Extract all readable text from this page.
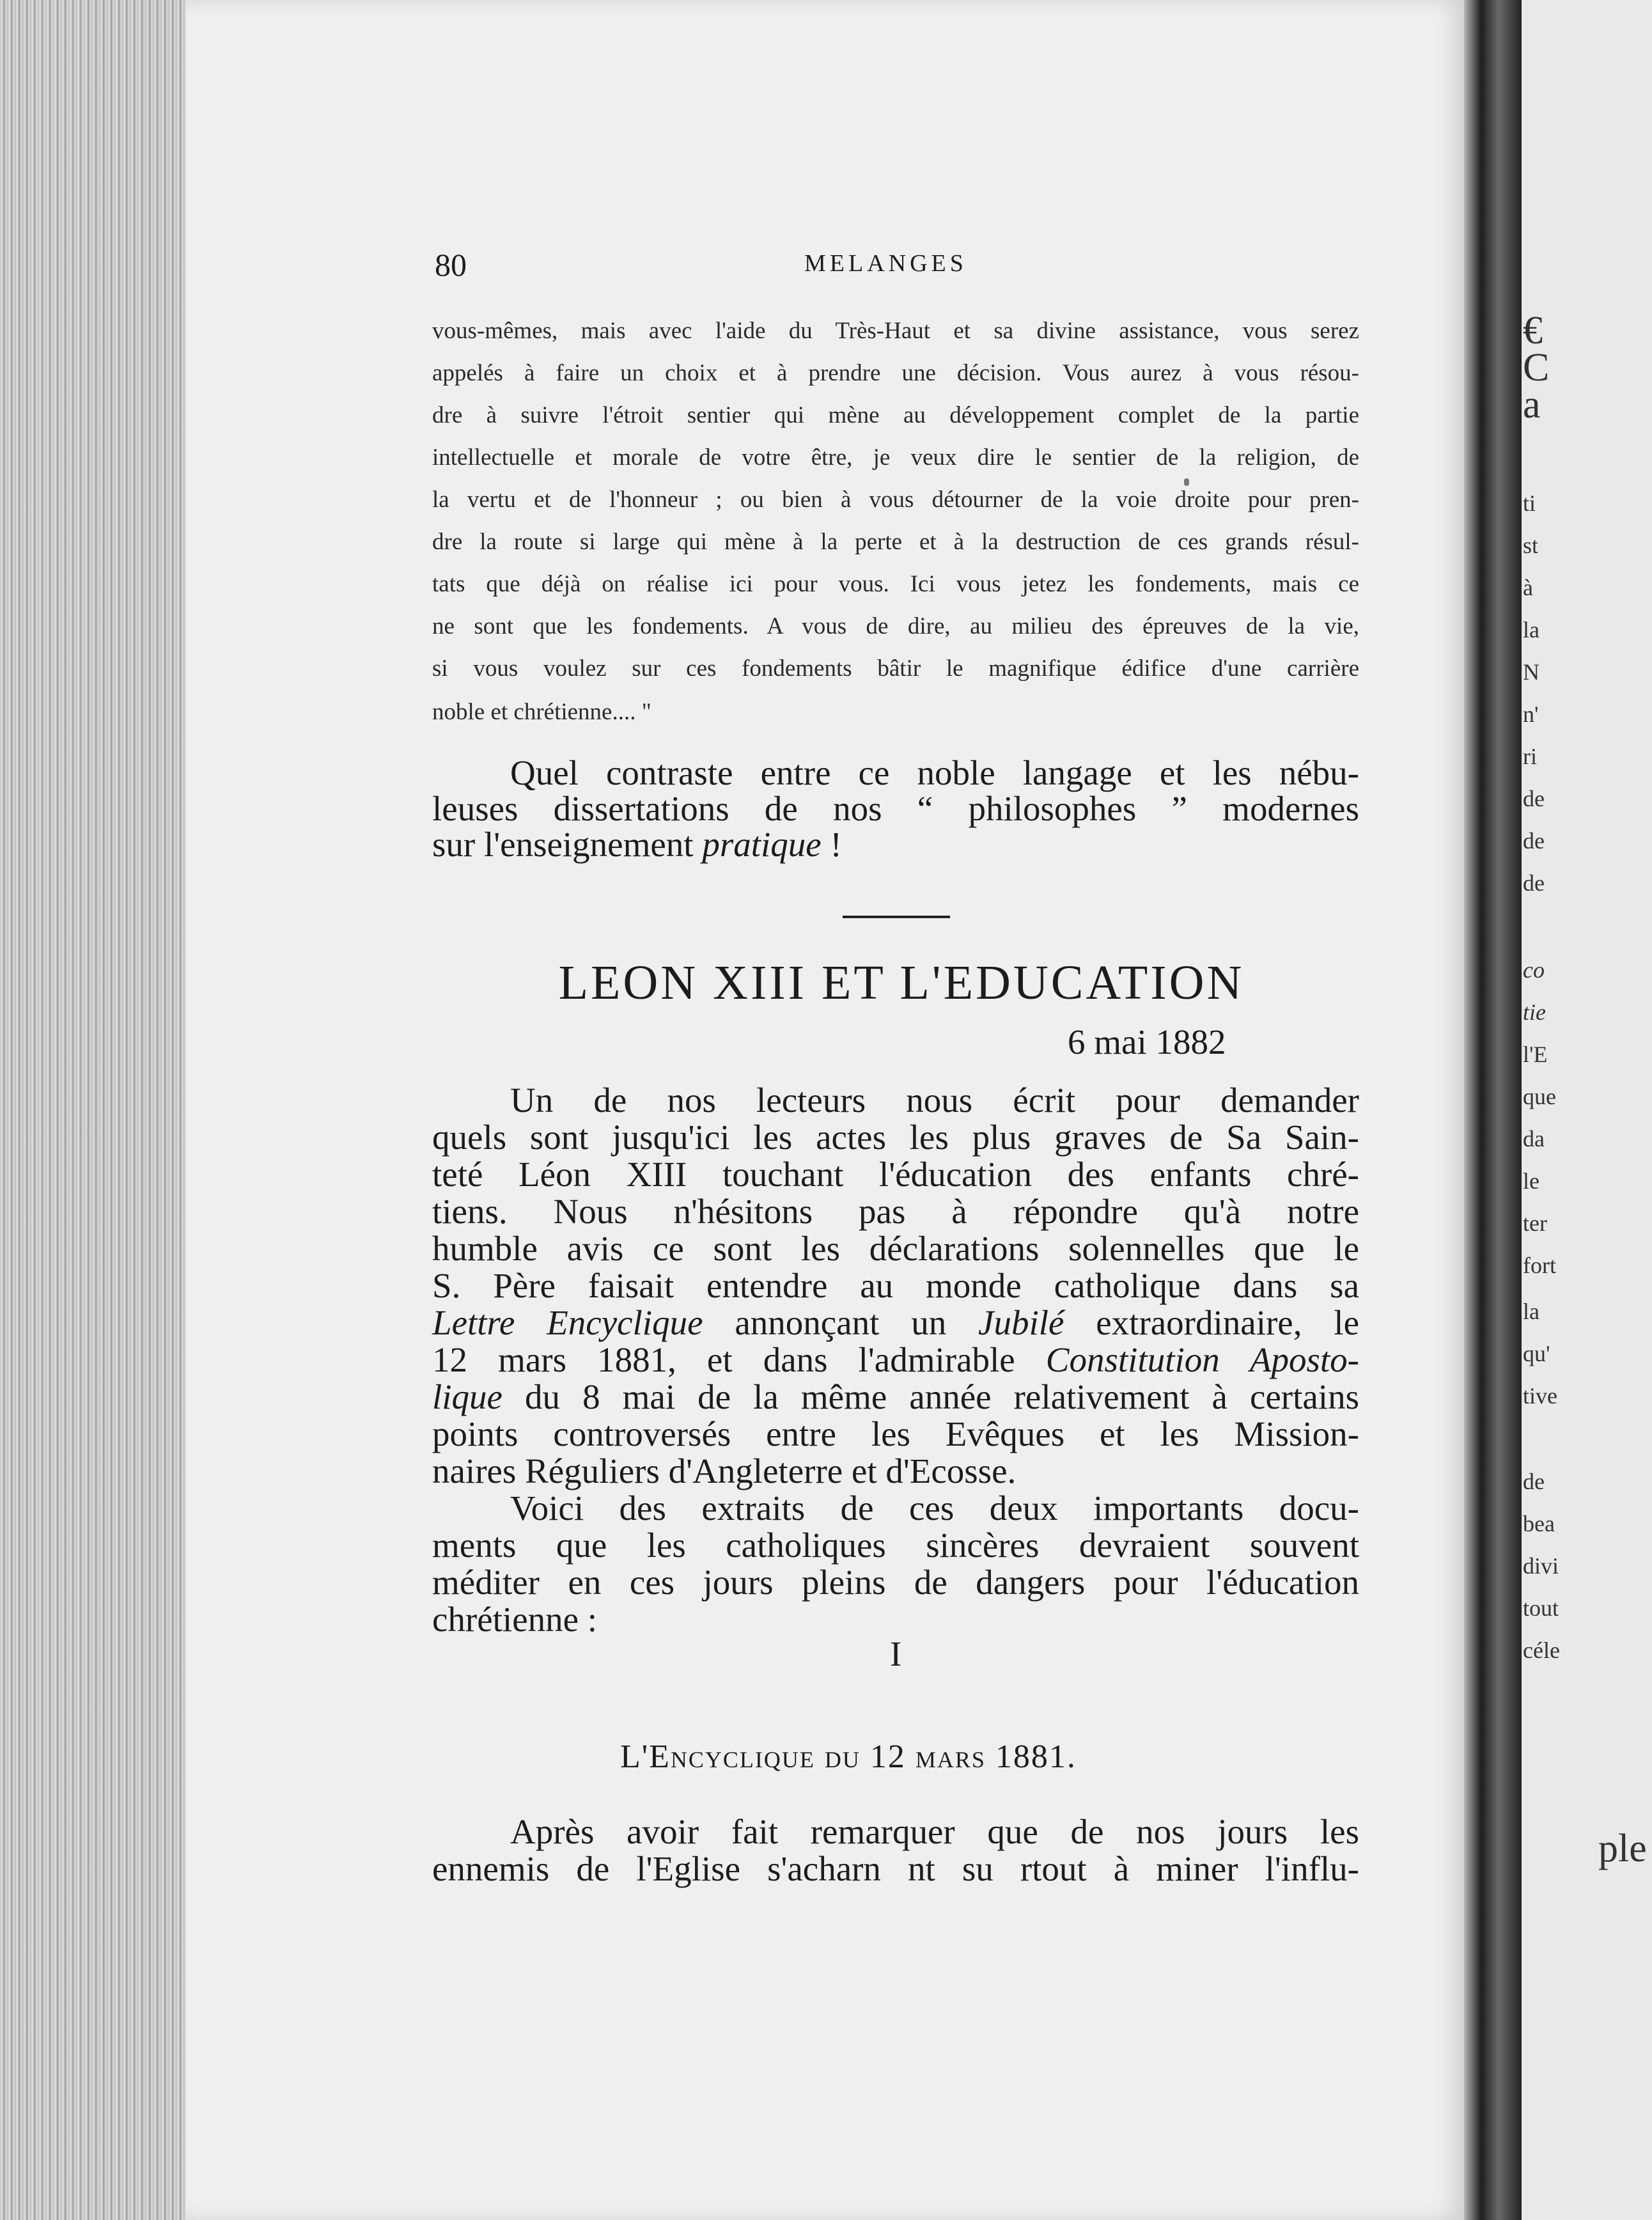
80	MELANGES
vous-mêmes, mais avec l'aide du Très-Haut et sa divine assistance, vous serez
appelés à faire un choix et à prendre une décision. Vous aurez à vous résou-
dre à suivre l'étroit sentier qui mène au développement complet de la partie
intellectuelle et morale de votre être, je veux dire le sentier de la religion, de
la vertu et de l'honneur ; ou bien à vous détourner de la voie droite pour pren-
dre la route si large qui mène à la perte et à la destruction de ces grands résul-
tats que déjà on réalise ici pour vous. Ici vous jetez les fondements, mais ce
ne sont que les fondements. A vous de dire, au milieu des épreuves de la vie,
si vous voulez sur ces fondements bâtir le magnifique édifice d'une carrière
noble et chrétienne.... "
Quel contraste entre ce noble langage et les nébu-
leuses dissertations de nos “ philosophes ” modernes
sur l'enseignement pratique !
LEON XIII ET L'EDUCATION
6 mai 1882
Un de nos lecteurs nous écrit pour demander
quels sont jusqu'ici les actes les plus graves de Sa Sain-
teté Léon XIII touchant l'éducation des enfants chré-
tiens. Nous n'hésitons pas à répondre qu'à notre
humble avis ce sont les déclarations solennelles que le
S. Père faisait entendre au monde catholique dans sa
Lettre Encyclique annonçant un Jubilé extraordinaire, le
12 mars 1881, et dans l'admirable Constitution Aposto-
lique du 8 mai de la même année relativement à certains
points controversés entre les Evêques et les Mission-
naires Réguliers d'Angleterre et d'Ecosse.
Voici des extraits de ces deux importants docu-
ments que les catholiques sincères devraient souvent
méditer en ces jours pleins de dangers pour l'éducation
chrétienne :
I
L'Encyclique du 12 mars 1881.
Après avoir fait remarquer que de nos jours les
ennemis de l'Eglise s'acharn nt su rtout à miner l'influ-
€
C
a
ti
st
à
la
N
n'
ri
de
de
de
co
tie
l'E
que
da
le
ter
fort
la
qu'
tive
de
bea
divi
tout
céle
ple
